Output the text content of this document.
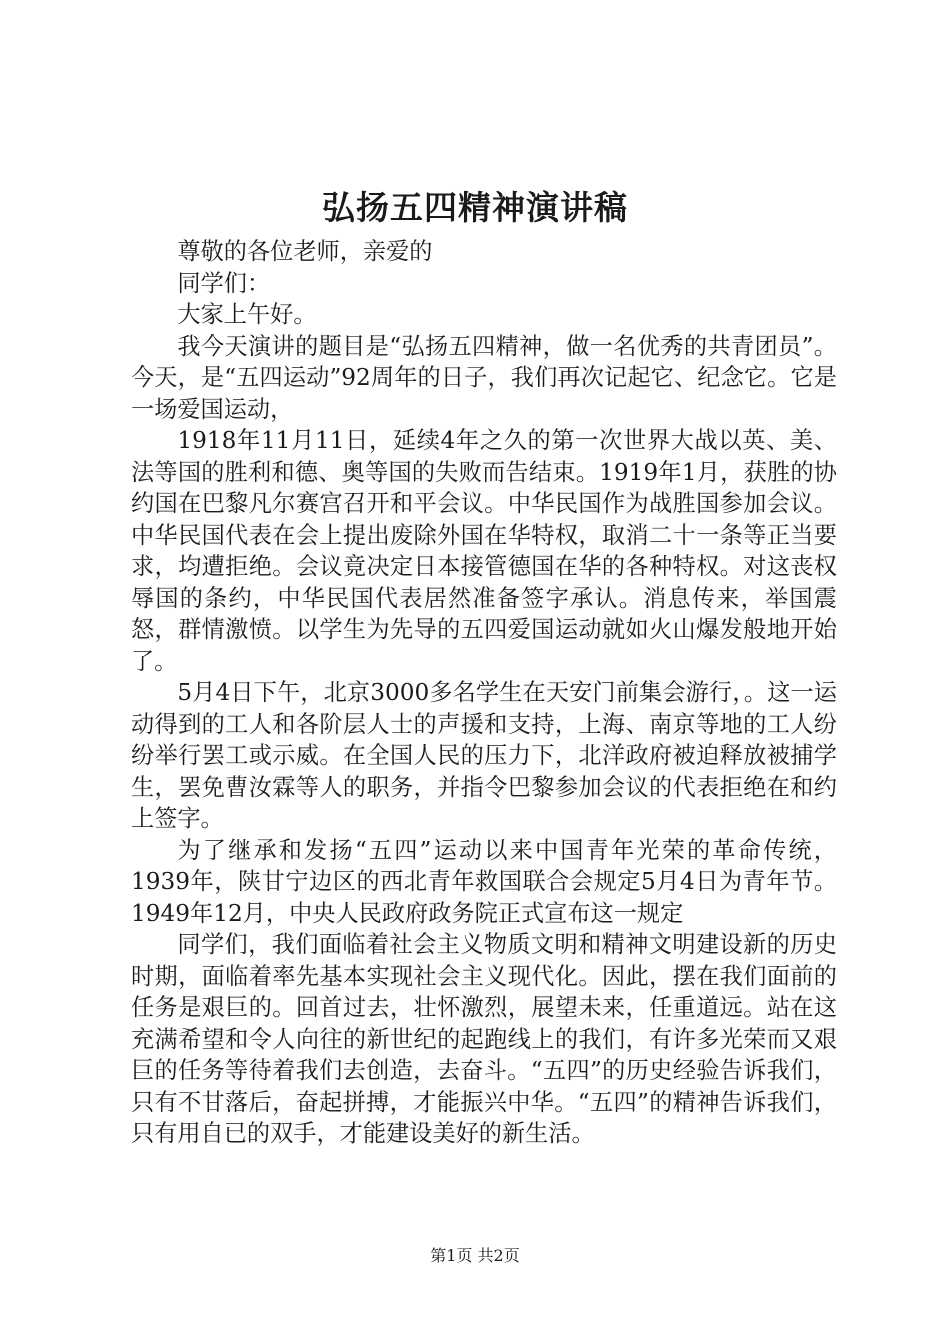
弘扬五四精神演讲稿

尊敬的各位老师，亲爱的

同学们：

大家上午好。

我今天演讲的题目是“弘扬五四精神，做一名优秀的共青团员”。今天，是“五四运动”92周年的日子，我们再次记起它、纪念它。它是一场爱国运动，

1918年11月11日，延续4年之久的第一次世界大战以英、美、法等国的胜利和德、奥等国的失败而告结束。1919年1月，获胜的协约国在巴黎凡尔赛宫召开和平会议。中华民国作为战胜国参加会议。中华民国代表在会上提出废除外国在华特权，取消二十一条等正当要求，均遭拒绝。会议竟决定日本接管德国在华的各种特权。对这丧权辱国的条约，中华民国代表居然准备签字承认。消息传来，举国震怒，群情激愤。以学生为先导的五四爱国运动就如火山爆发般地开始了。

5月4日下午，北京3000多名学生在天安门前集会游行，。这一运动得到的工人和各阶层人士的声援和支持，上海、南京等地的工人纷纷举行罢工或示威。在全国人民的压力下，北洋政府被迫释放被捕学生，罢免曹汝霖等人的职务，并指令巴黎参加会议的代表拒绝在和约上签字。

为了继承和发扬“五四”运动以来中国青年光荣的革命传统，1939年，陕甘宁边区的西北青年救国联合会规定5月4日为青年节。1949年12月，中央人民政府政务院正式宣布这一规定

同学们，我们面临着社会主义物质文明和精神文明建设新的历史时期，面临着率先基本实现社会主义现代化。因此，摆在我们面前的任务是艰巨的。回首过去，壮怀激烈，展望未来，任重道远。站在这充满希望和令人向往的新世纪的起跑线上的我们，有许多光荣而又艰巨的任务等待着我们去创造，去奋斗。“五四”的历史经验告诉我们，只有不甘落后，奋起拼搏，才能振兴中华。“五四”的精神告诉我们，只有用自已的双手，才能建设美好的新生活。

第1页 共2页
